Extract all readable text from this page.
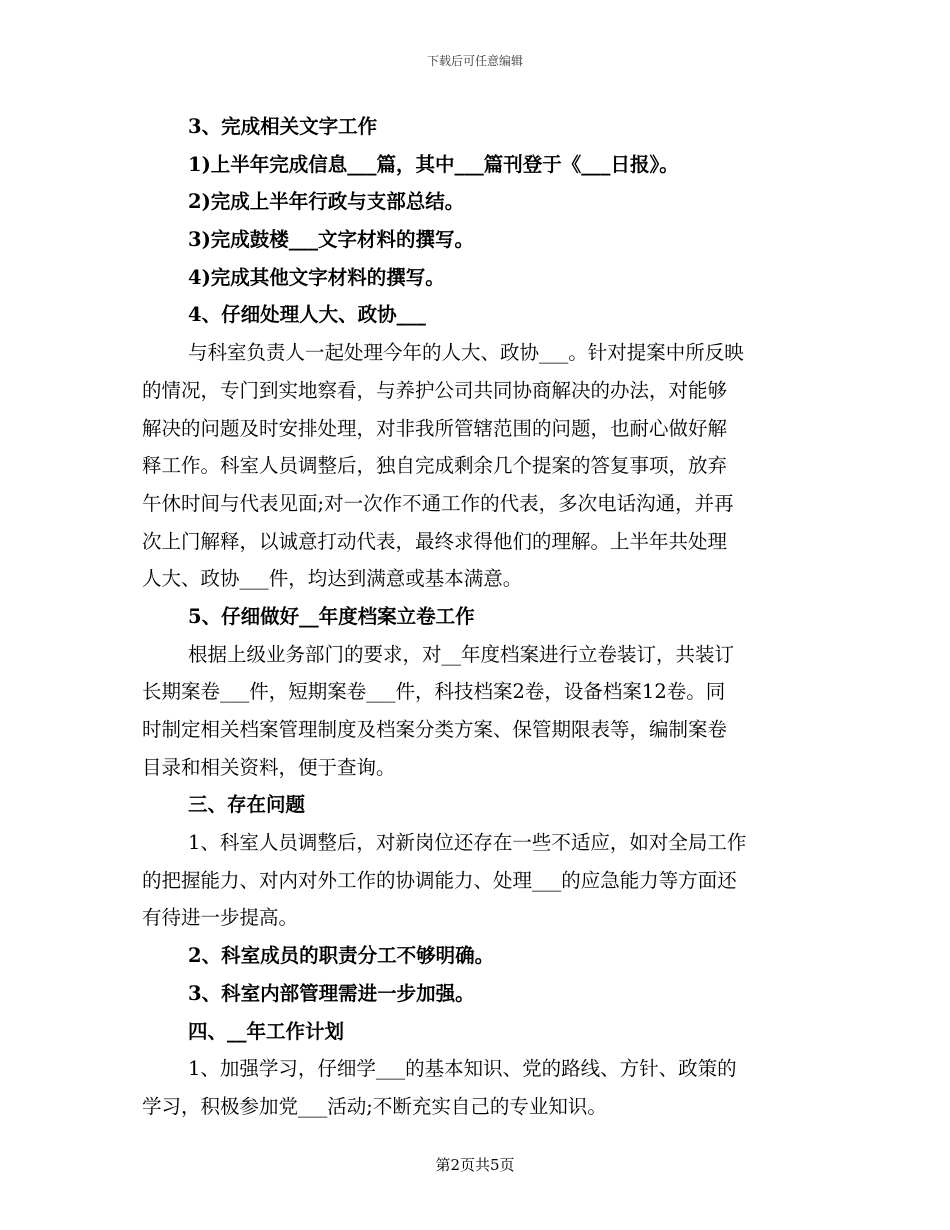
下载后可任意编辑
3、完成相关文字工作
1)上半年完成信息___篇，其中___篇刊登于《___日报》。
2)完成上半年行政与支部总结。
3)完成鼓楼___文字材料的撰写。
4)完成其他文字材料的撰写。
4、仔细处理人大、政协___
与科室负责人一起处理今年的人大、政协___。针对提案中所反映
的情况，专门到实地察看，与养护公司共同协商解决的办法，对能够
解决的问题及时安排处理，对非我所管辖范围的问题，也耐心做好解
释工作。科室人员调整后，独自完成剩余几个提案的答复事项，放弃
午休时间与代表见面;对一次作不通工作的代表，多次电话沟通，并再
次上门解释，以诚意打动代表，最终求得他们的理解。上半年共处理
人大、政协___件，均达到满意或基本满意。
5、仔细做好__年度档案立卷工作
根据上级业务部门的要求，对__年度档案进行立卷装订，共装订
长期案卷___件，短期案卷___件，科技档案2卷，设备档案12卷。同
时制定相关档案管理制度及档案分类方案、保管期限表等，编制案卷
目录和相关资料，便于查询。
三、存在问题
1、科室人员调整后，对新岗位还存在一些不适应，如对全局工作
的把握能力、对内对外工作的协调能力、处理___的应急能力等方面还
有待进一步提高。
2、科室成员的职责分工不够明确。
3、科室内部管理需进一步加强。
四、__年工作计划
1、加强学习，仔细学___的基本知识、党的路线、方针、政策的
学习，积极参加党___活动;不断充实自己的专业知识。
第2页共5页
